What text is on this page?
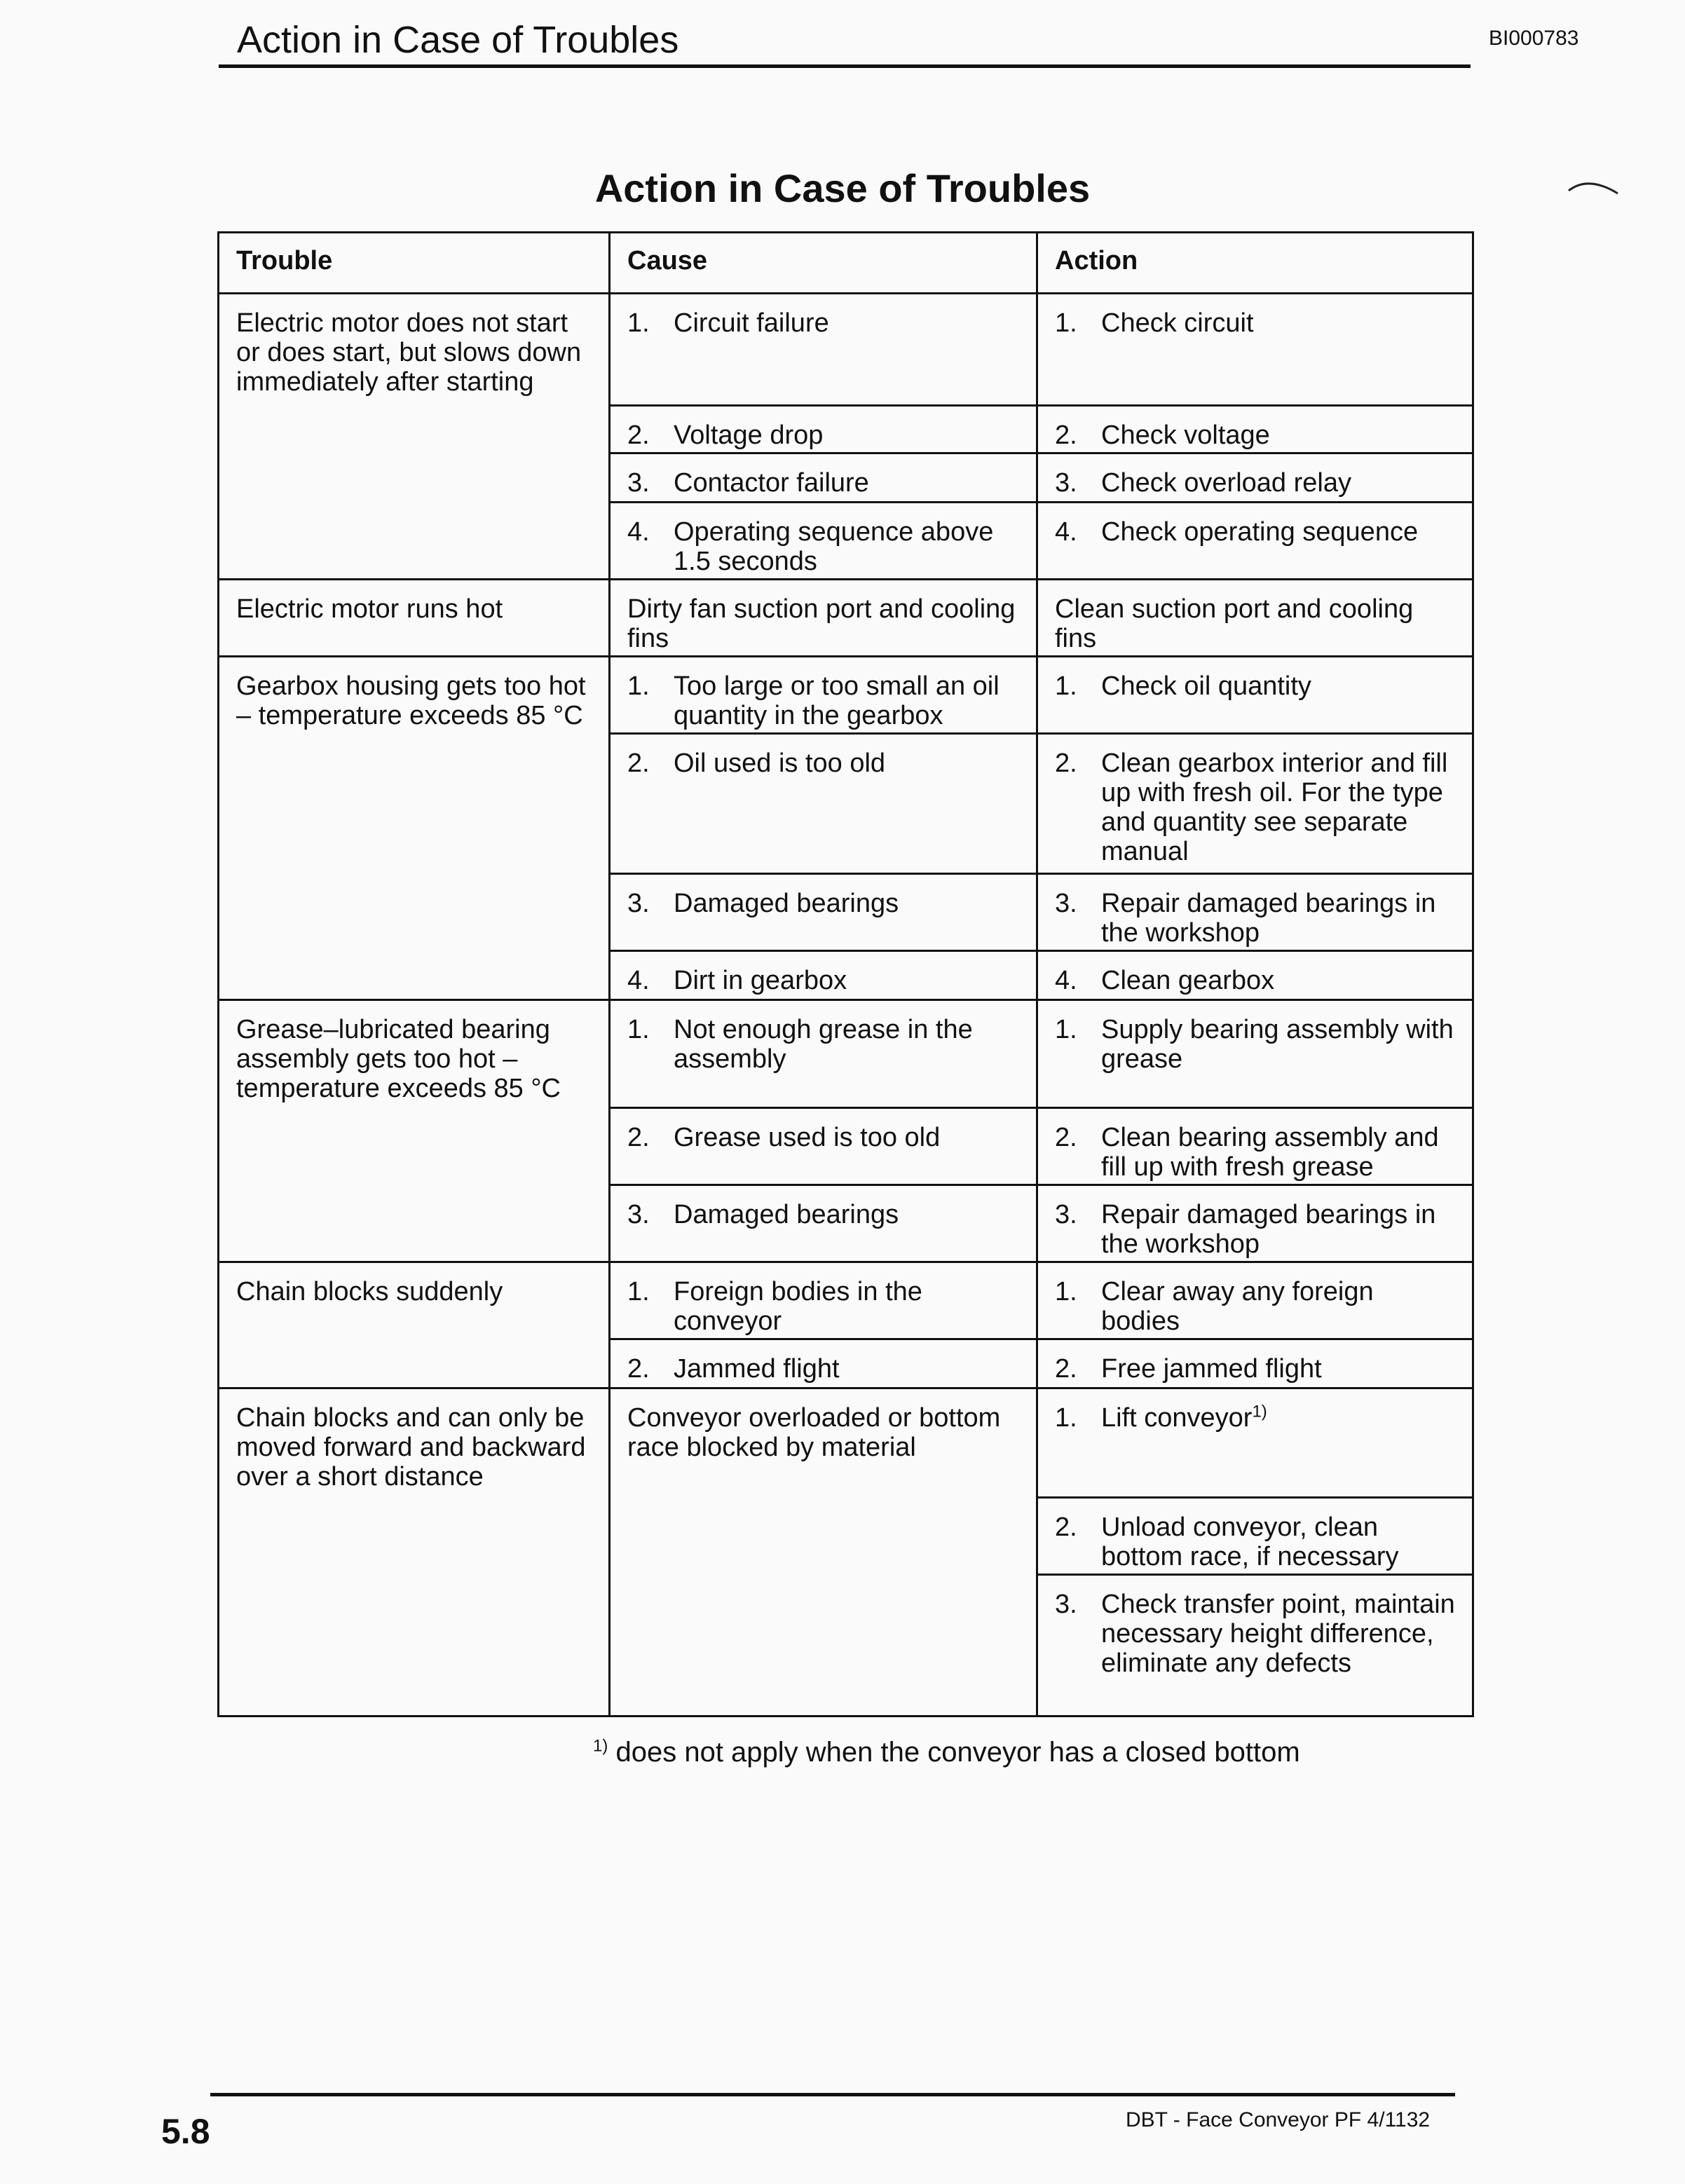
Action in Case of Troubles	BI000783
Action in Case of Troubles
Trouble	Cause	Action
Electric motor does not start or does start, but slows down immediately after starting	1. Circuit failure	1. Check circuit

	2. Voltage drop	2. Check voltage

	3. Contactor failure	3. Check overload relay

	4. Operating sequence above 1.5 seconds	4. Check operating sequence

Electric motor runs hot	Dirty fan suction port and cooling fins	Clean suction port and cooling fins

Gearbox housing gets too hot – temperature exceeds 85 °C	1. Too large or too small an oil quantity in the gearbox	1. Check oil quantity

	2. Oil used is too old	2. Clean gearbox interior and fill up with fresh oil. For the type and quantity see separate manual

	3. Damaged bearings	3. Repair damaged bearings in the workshop

	4. Dirt in gearbox	4. Clean gearbox

Grease–lubricated bearing assembly gets too hot – temperature exceeds 85 °C	1. Not enough grease in the assembly	1. Supply bearing assembly with grease

	2. Grease used is too old	2. Clean bearing assembly and fill up with fresh grease

	3. Damaged bearings	3. Repair damaged bearings in the workshop

Chain blocks suddenly	1. Foreign bodies in the conveyor	1. Clear away any foreign bodies

	2. Jammed flight	2. Free jammed flight

Chain blocks and can only be moved forward and backward over a short distance	Conveyor overloaded or bottom race blocked by material	1. Lift conveyor$^{1)}$

		2. Unload conveyor, clean bottom race, if necessary

		3. Check transfer point, maintain necessary height difference, eliminate any defects
$^{1)}$ does not apply when the conveyor has a closed bottom
5.8	DBT - Face Conveyor PF 4/1132
